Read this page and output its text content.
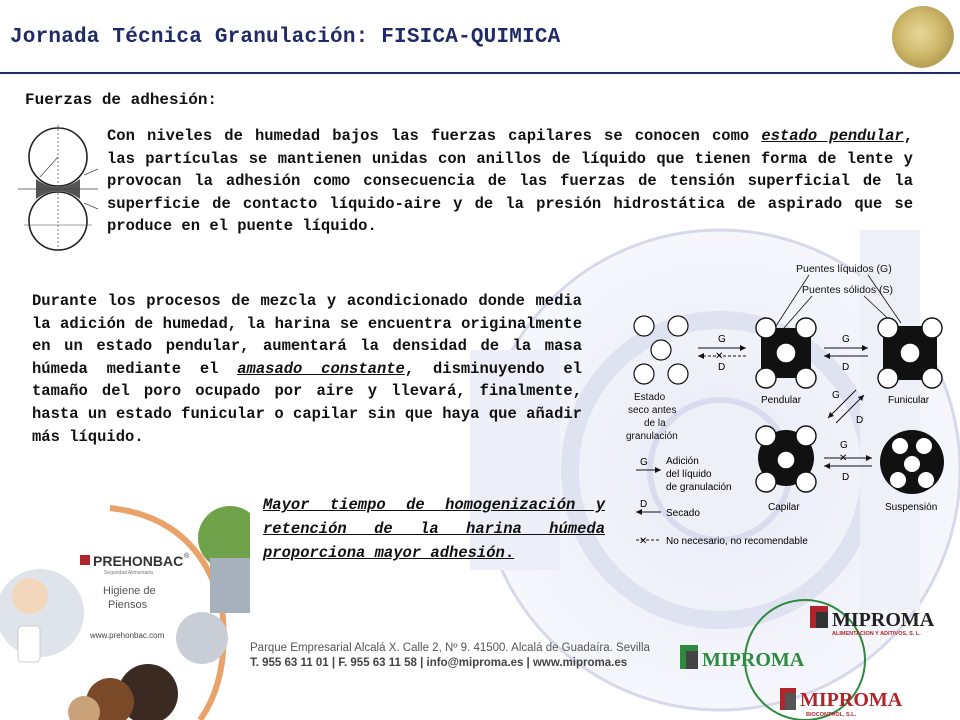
Jornada Técnica Granulación: FISICA-QUIMICA
Fuerzas de adhesión:
Con niveles de humedad bajos las fuerzas capilares se conocen como estado pendular, las partículas se mantienen unidas con anillos de líquido que tienen forma de lente y provocan la adhesión como consecuencia de las fuerzas de tensión superficial de la superficie de contacto líquido-aire y de la presión hidrostática de aspirado que se produce en el puente líquido.
Durante los procesos de mezcla y acondicionado donde media la adición de humedad, la harina se encuentra originalmente en un estado pendular, aumentará la densidad de la masa húmeda mediante el amasado constante, disminuyendo el tamaño del poro ocupado por aire y llevará, finalmente, hasta un estado funicular o capilar sin que haya que añadir más líquido.
Mayor tiempo de homogenización y retención de la harina húmeda proporciona mayor adhesión.
Puentes líquidos (G)
Puentes sólidos (S)
Estado
seco antes
de la
granulación
G
D
✕
Pendular
G
D
Funicular
G
D
Capilar
G
D
✕
Suspensión
G Adición
del líquido
de granulación
D
Secado
✕ No necesario, no recomendable
PREHONBAC ®
Seguridad Alimentaria
Higiene de
Piensos
www.prehonbac.com
Parque Empresarial Alcalá X. Calle 2, Nº 9. 41500. Alcalá de Guadaíra. Sevilla
T. 955 63 11 01 | F. 955 63 11 58 | info@miproma.es | www.miproma.es
MIPROMA
ALIMENTACION Y ADITIVOS, S. L.
MIPROMA
MIPROMA
BIOCONTROL, S.L.
